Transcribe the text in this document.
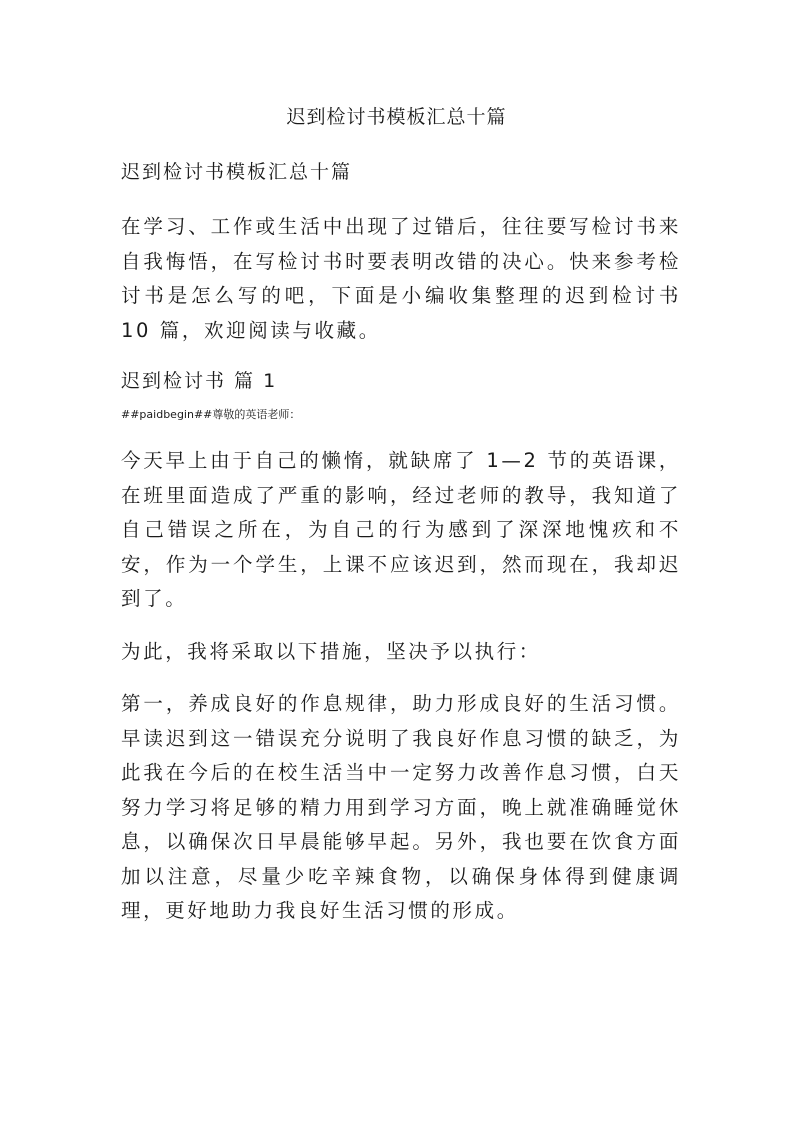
迟到检讨书模板汇总十篇
迟到检讨书模板汇总十篇

在学习、工作或生活中出现了过错后，往往要写检讨书来自我悔悟，在写检讨书时要表明改错的决心。快来参考检讨书是怎么写的吧，下面是小编收集整理的迟到检讨书 10 篇，欢迎阅读与收藏。

迟到检讨书 篇 1

##paidbegin##尊敬的英语老师：

今天早上由于自己的懒惰，就缺席了 1—2 节的英语课，在班里面造成了严重的影响，经过老师的教导，我知道了自己错误之所在，为自己的行为感到了深深地愧疚和不安，作为一个学生，上课不应该迟到，然而现在，我却迟到了。

为此，我将采取以下措施，坚决予以执行：

第一，养成良好的作息规律，助力形成良好的生活习惯。早读迟到这一错误充分说明了我良好作息习惯的缺乏，为此我在今后的在校生活当中一定努力改善作息习惯，白天努力学习将足够的精力用到学习方面，晚上就准确睡觉休息，以确保次日早晨能够早起。另外，我也要在饮食方面加以注意，尽量少吃辛辣食物，以确保身体得到健康调理，更好地助力我良好生活习惯的形成。
